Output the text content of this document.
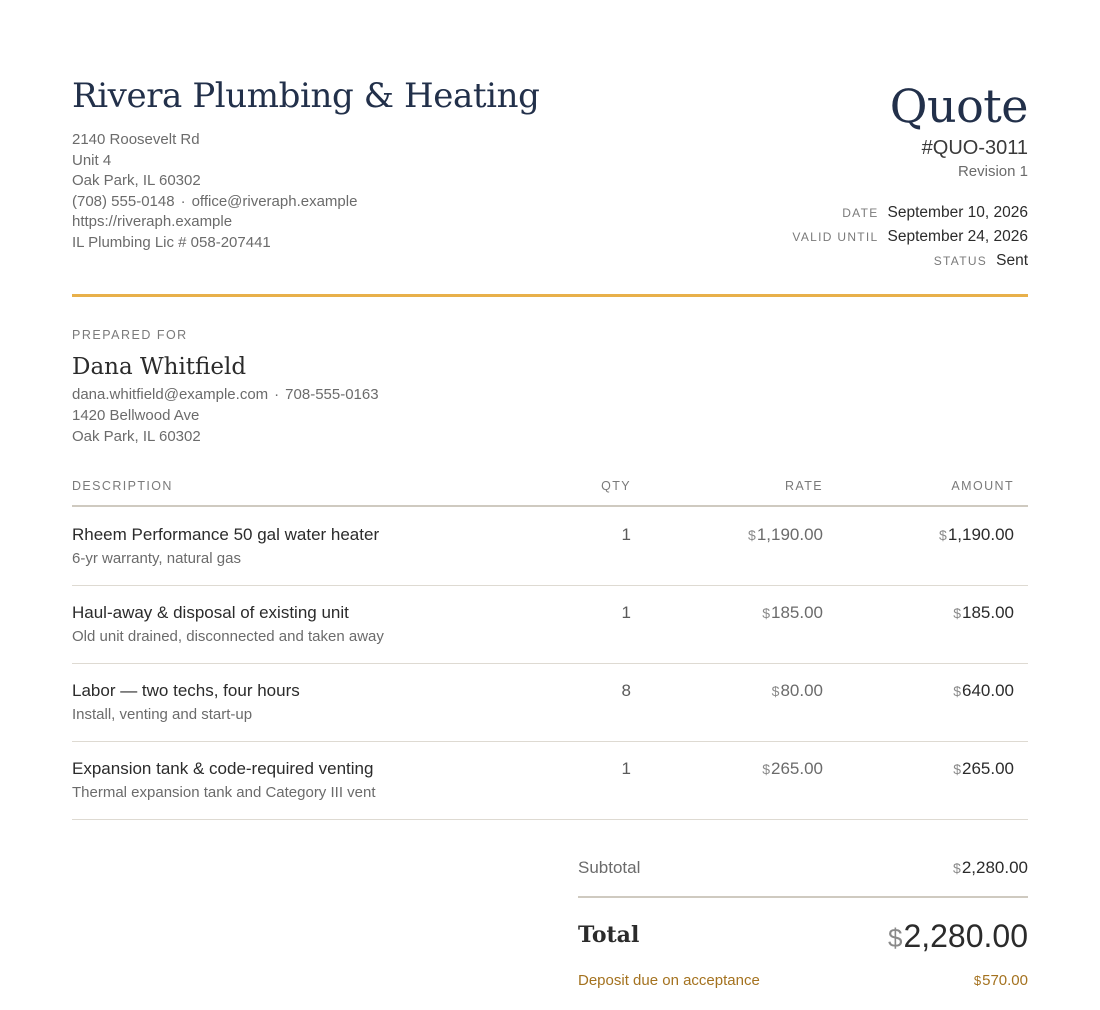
Rivera Plumbing & Heating
2140 Roosevelt Rd
Unit 4
Oak Park, IL 60302
(708) 555-0148 · office@riveraph.example
https://riveraph.example
IL Plumbing Lic # 058-207441
Quote
#QUO-3011
Revision 1
DATE September 10, 2026
VALID UNTIL September 24, 2026
STATUS Sent
PREPARED FOR
Dana Whitfield
dana.whitfield@example.com · 708-555-0163
1420 Bellwood Ave
Oak Park, IL 60302
DESCRIPTION	QTY	RATE	AMOUNT
Rheem Performance 50 gal water heater
6-yr warranty, natural gas
1	$1,190.00	$1,190.00
Haul-away & disposal of existing unit
Old unit drained, disconnected and taken away
1	$185.00	$185.00
Labor — two techs, four hours
Install, venting and start-up
8	$80.00	$640.00
Expansion tank & code-required venting
Thermal expansion tank and Category III vent
1	$265.00	$265.00
Subtotal	$2,280.00
Total	$2,280.00
Deposit due on acceptance	$570.00
